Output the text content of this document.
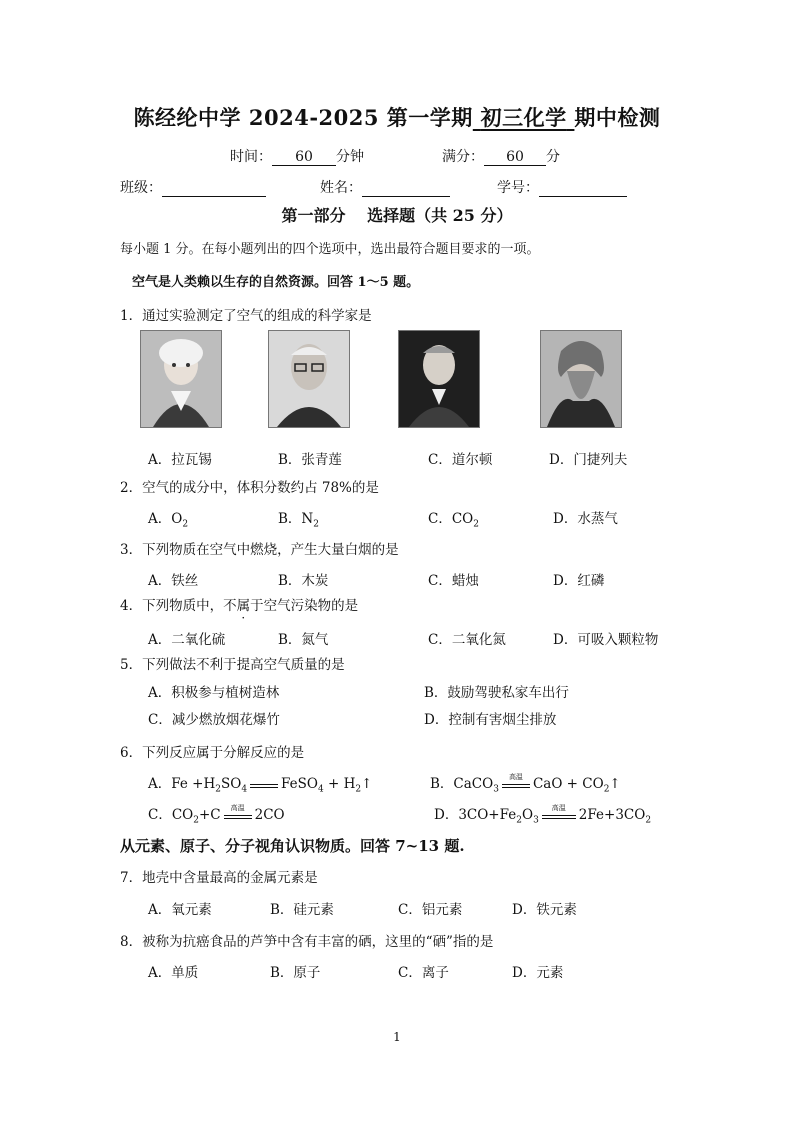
陈经纶中学 2024-2025 第一学期 初三化学 期中检测
时间： 60 分钟	满分： 60 分
班级：	姓名：	学号：
第一部分　 选择题（共 25 分）
每小题 1 分。在每小题列出的四个选项中，选出最符合题目要求的一项。
空气是人类赖以生存的自然资源。回答 1～5 题。
1．通过实验测定了空气的组成的科学家是
A．拉瓦锡	B．张青莲	C．道尔顿	D．门捷列夫
2．空气的成分中，体积分数约占 78%的是
A．$O_2$	B．$N_2$	C．$CO_2$	D．水蒸气
3．下列物质在空气中燃烧，产生大量白烟的是
A．铁丝	B．木炭	C．蜡烛	D．红磷
4．下列物质中，不属于空气污染物的是
A．二氧化硫	B．氮气	C．二氧化氮	D．可吸入颗粒物
5．下列做法不利于提高空气质量的是
A．积极参与植树造林	B．鼓励驾驶私家车出行
C．减少燃放烟花爆竹	D．控制有害烟尘排放
6．下列反应属于分解反应的是
A．$Fe +H_2SO_4$	FeSO$_4$ + $H_2↑$	B．CaCO$_3$
高温 CaO + $CO_2↑$
C．$CO_2+C$	高温 2CO	D．$3CO+Fe_2O_3$
高温 $2Fe+3CO_2$
从元素、原子、分子视角认识物质。回答 7~13 题.
7．地壳中含量最高的金属元素是
A．氧元素	B．硅元素	C．铝元素	D．铁元素
8．被称为抗癌食品的芦笋中含有丰富的硒，这里的“硒”指的是
A．单质	B．原子	C．离子	D．元素
1
